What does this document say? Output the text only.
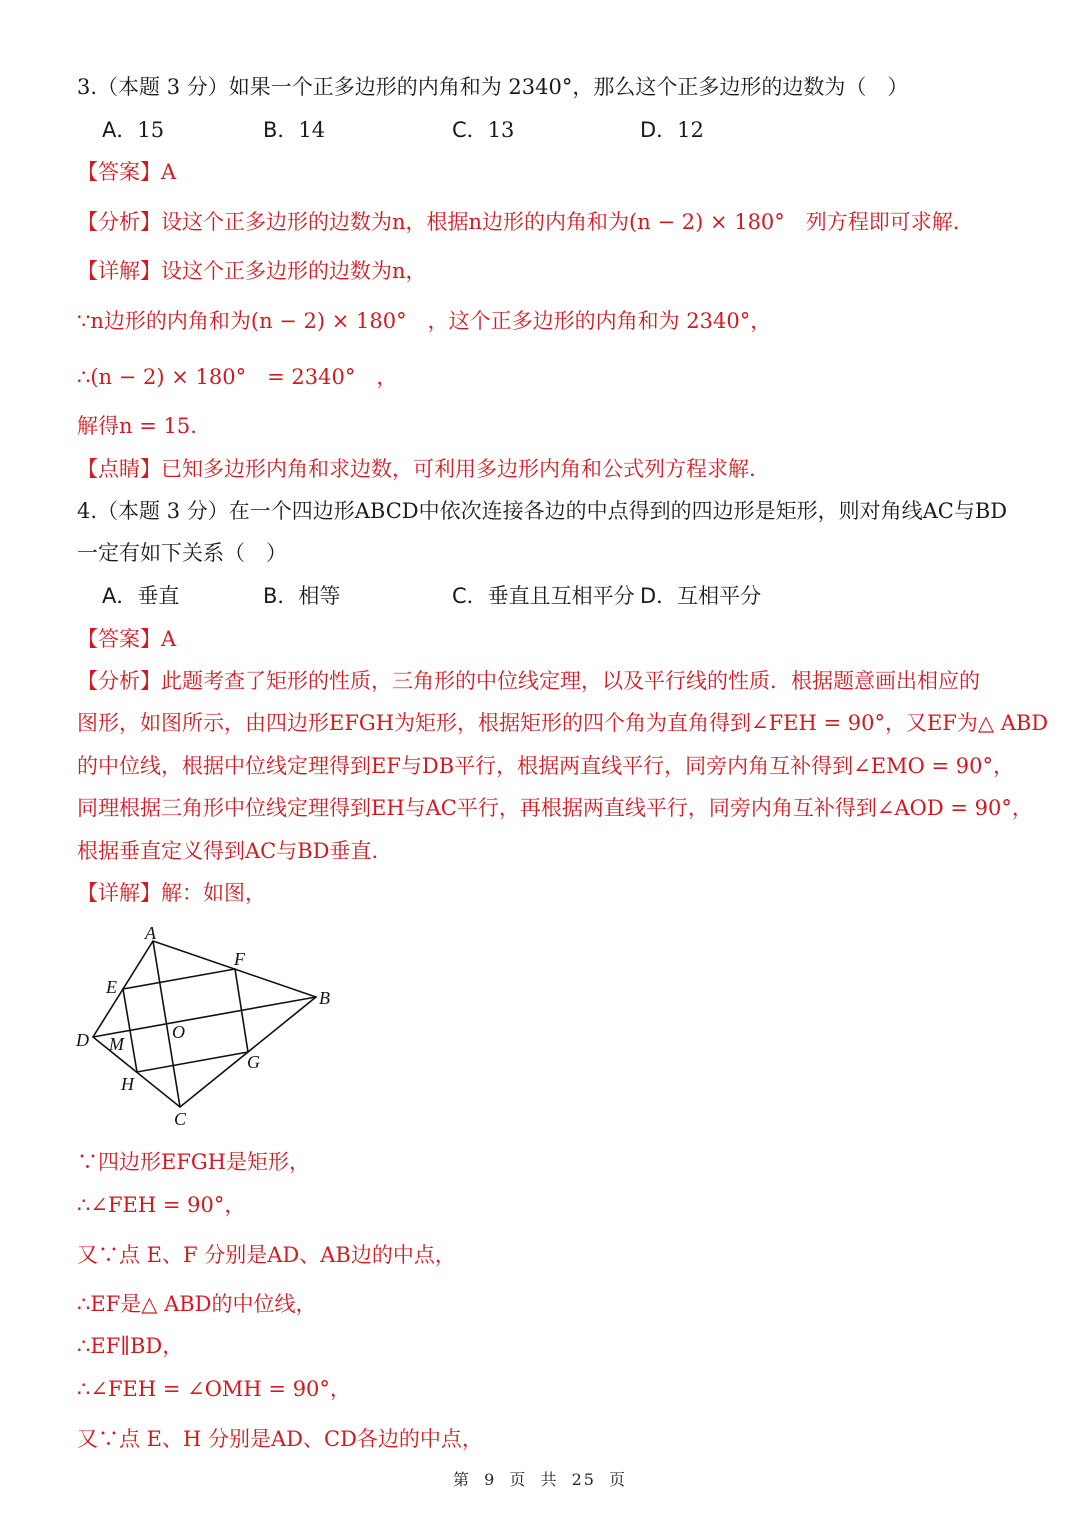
3.（本题 3 分）如果一个正多边形的内角和为 2340°，那么这个正多边形的边数为（　）
A．15	B．14	C．13	D．12
【答案】A
【分析】设这个正多边形的边数为n，根据n边形的内角和为(n − 2) × 180°　列方程即可求解.
【详解】设这个正多边形的边数为n，
∵n边形的内角和为(n − 2) × 180°　，这个正多边形的内角和为 2340°，
∴(n − 2) × 180°　= 2340°　，
解得n = 15.
【点睛】已知多边形内角和求边数，可利用多边形内角和公式列方程求解.
4.（本题 3 分）在一个四边形ABCD中依次连接各边的中点得到的四边形是矩形，则对角线AC与BD
一定有如下关系（　）
A．垂直	B．相等	C．垂直且互相平分 D．互相平分
【答案】A
【分析】此题考查了矩形的性质，三角形的中位线定理，以及平行线的性质．根据题意画出相应的
图形，如图所示，由四边形EFGH为矩形，根据矩形的四个角为直角得到∠FEH = 90°，又EF为△ ABD
的中位线，根据中位线定理得到EF与DB平行，根据两直线平行，同旁内角互补得到∠EMO = 90°，
同理根据三角形中位线定理得到EH与AC平行，再根据两直线平行，同旁内角互补得到∠AOD = 90°，
根据垂直定义得到AC与BD垂直.
【详解】解：如图，
A
F
E
B
O
D M
G
H
C
∵四边形EFGH是矩形，
∴∠FEH = 90°，
又∵点 E、F 分别是AD、AB边的中点，
∴EF是△ ABD的中位线，
∴EF∥BD，
∴∠FEH = ∠OMH = 90°，
又∵点 E、H 分别是AD、CD各边的中点，
第 9 页 共 25 页
